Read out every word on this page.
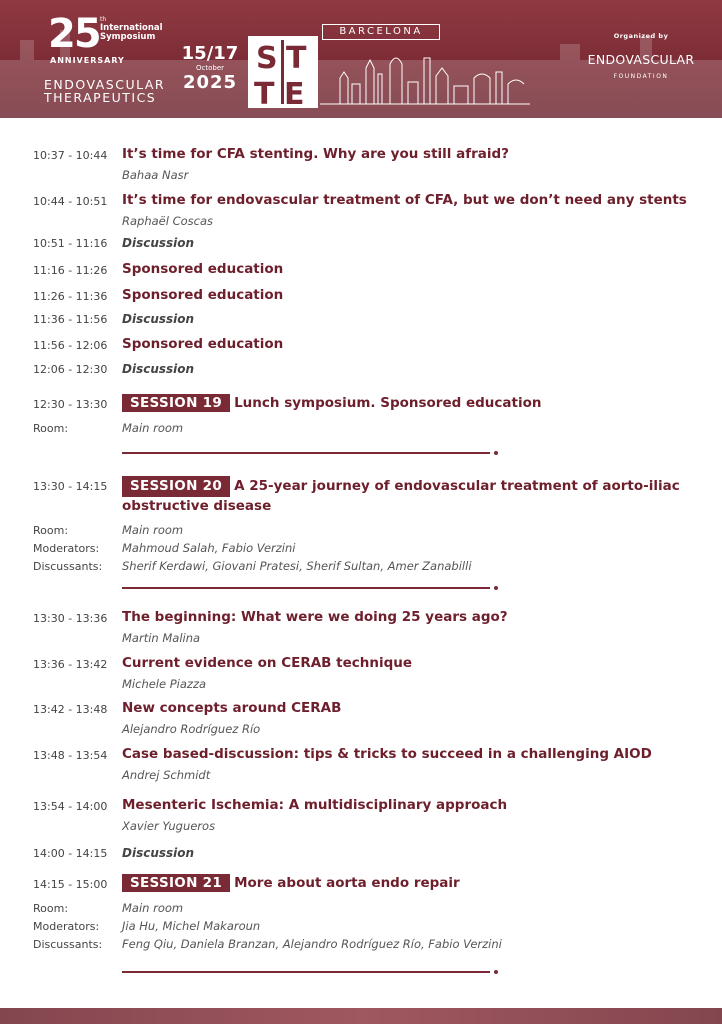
25 th
International Symposium
ANNIVERSARY
ENDOVASCULAR
THERAPEUTICS
15/17
October
2025
S T
T E
BARCELONA	Organized by
ENDOVASCULAR
FOUNDATION
10:37 - 10:44 It’s time for CFA stenting. Why are you still afraid?
Bahaa Nasr
10:44 - 10:51 It’s time for endovascular treatment of CFA, but we don’t need any stents
Raphaël Coscas
10:51 - 11:16 Discussion
11:16 - 11:26 Sponsored education
11:26 - 11:36 Sponsored education
11:36 - 11:56 Discussion
11:56 - 12:06 Sponsored education
12:06 - 12:30 Discussion
12:30 - 13:30	SESSION 19 Lunch symposium. Sponsored education
Room:	Main room
13:30 - 14:15	SESSION 20 A 25-year journey of endovascular treatment of aorto-iliac obstructive disease
Room:	Main room
Moderators: Mahmoud Salah, Fabio Verzini
Discussants: Sherif Kerdawi, Giovani Pratesi, Sherif Sultan, Amer Zanabilli
13:30 - 13:36 The beginning: What were we doing 25 years ago?
Martin Malina
13:36 - 13:42 Current evidence on CERAB technique
Michele Piazza
13:42 - 13:48 New concepts around CERAB
Alejandro Rodríguez Río
13:48 - 13:54 Case based-discussion: tips & tricks to succeed in a challenging AIOD
Andrej Schmidt
13:54 - 14:00 Mesenteric Ischemia: A multidisciplinary approach
Xavier Yugueros
14:00 - 14:15 Discussion
14:15 - 15:00	SESSION 21 More about aorta endo repair
Room:	Main room
Moderators: Jia Hu, Michel Makaroun
Discussants: Feng Qiu, Daniela Branzan, Alejandro Rodríguez Río, Fabio Verzini
